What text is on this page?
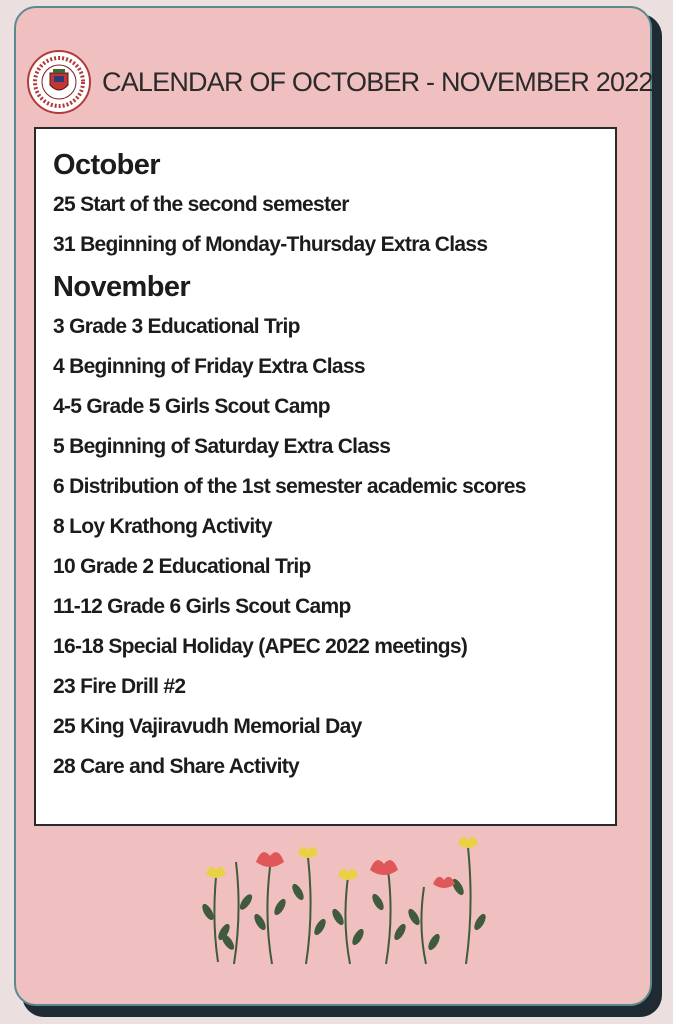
CALENDAR OF OCTOBER - NOVEMBER 2022
October
25 Start of the second semester
31 Beginning of Monday-Thursday Extra Class
November
3 Grade 3 Educational Trip
4 Beginning of Friday Extra Class
4-5 Grade 5 Girls Scout Camp
5 Beginning of Saturday Extra Class
6 Distribution of the 1st semester academic scores
8 Loy Krathong Activity
10 Grade 2 Educational Trip
11-12 Grade 6 Girls Scout Camp
16-18 Special Holiday (APEC 2022 meetings)
23 Fire Drill #2
25 King Vajiravudh Memorial Day
28 Care and Share Activity
